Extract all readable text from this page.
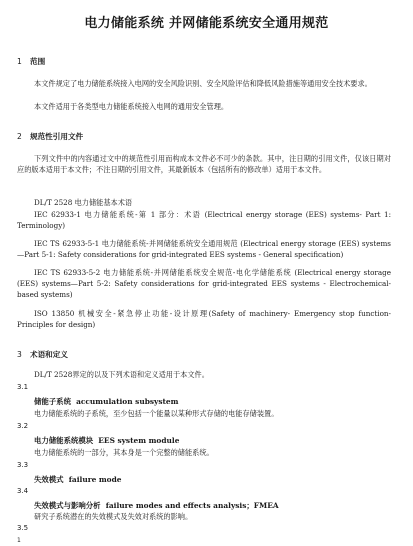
电力储能系统 并网储能系统安全通用规范
1 范围

本文件规定了电力储能系统接入电网的安全风险识别、安全风险评估和降低风险措施等通用安全技术要求。

本文件适用于各类型电力储能系统接入电网的通用安全管理。

2 规范性引用文件

下列文件中的内容通过文中的规范性引用而构成本文件必不可少的条款。其中，注日期的引用文件，仅该日期对应的版本适用于本文件；不注日期的引用文件，其最新版本（包括所有的修改单）适用于本文件。

DL/T 2528 电力储能基本术语

IEC 62933-1 电力储能系统-第 1 部分：术语 (Electrical energy storage (EES) systems- Part 1: Terminology)

IEC TS 62933-5-1 电力储能系统-并网储能系统安全通用规范 (Electrical energy storage (EES) systems—Part 5-1: Safety considerations for grid-integrated EES systems - General specification)

IEC TS 62933-5-2 电力储能系统-并网储能系统安全规范-电化学储能系统 (Electrical energy storage (EES) systems—Part 5-2: Safety considerations for grid-integrated EES systems - Electrochemical-based systems)

ISO 13850 机械安全-紧急停止功能-设计原理(Safety of machinery- Emergency stop function- Principles for design)

3 术语和定义

DL/T 2528界定的以及下列术语和定义适用于本文件。

3.1
储能子系统 accumulation subsystem
电力储能系统的子系统，至少包括一个能量以某种形式存储的电能存储装置。
3.2
电力储能系统模块 EES system module
电力储能系统的一部分，其本身是一个完整的储能系统。
3.3
失效模式 failure mode
3.4
失效模式与影响分析 failure modes and effects analysis；FMEA
研究子系统潜在的失效模式及失效对系统的影响。
3.5
1
